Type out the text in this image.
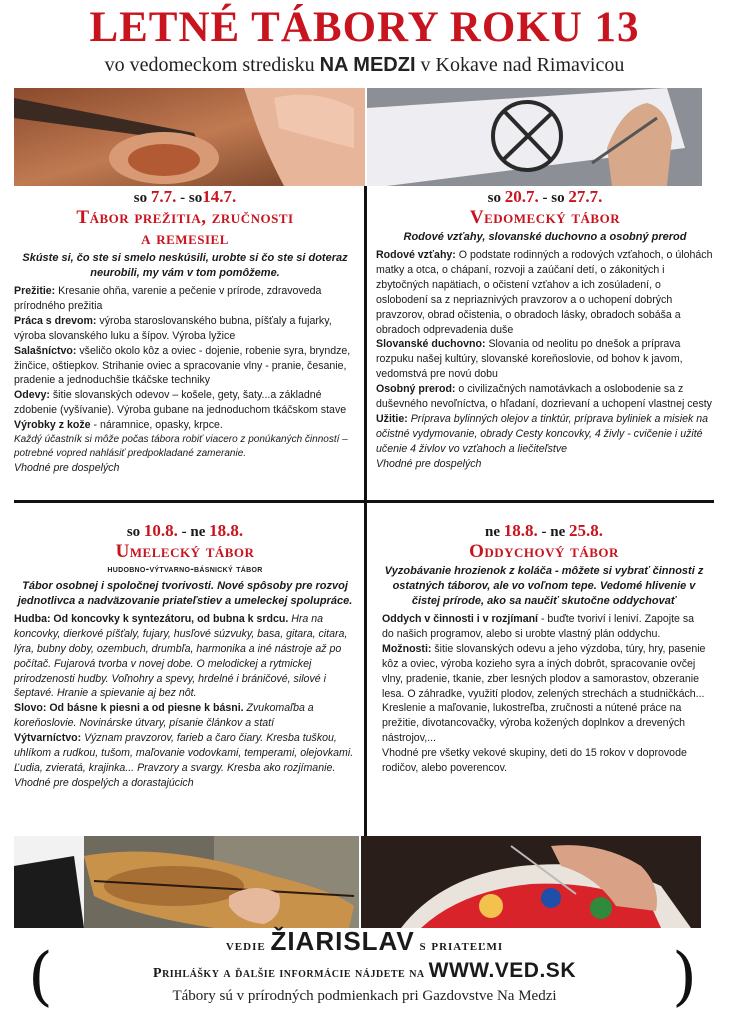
LETNÉ TÁBORY ROKU 13
vo vedomeckom stredisku NA MEDZI v Kokave nad Rimavicou
so 7.7. - so14.7.
Tábor prežitia, zručnosti
a remesiel
Skúste si, čo ste si smelo neskúsili, urobte si čo ste si doteraz neurobili, my vám v tom pomôžeme.

Prežitie: Kresanie ohňa, varenie a pečenie v prírode, zdravoveda prírodného prežitia

Práca s drevom: výroba staroslovanského bubna, píšťaly a fujarky, výroba slovanského luku a šípov. Výroba lyžice

Salašníctvo: všeličo okolo kôz a oviec - dojenie, robenie syra, bryndze, žinčice, oštiepkov. Strihanie oviec a spracovanie vlny - pranie, česanie, pradenie a jednoduchšie tkáčske techniky

Odevy: šitie slovanských odevov – košele, gety, šaty...a základné zdobenie (vyšívanie). Výroba gubane na jednoduchom tkáčskom stave

Výrobky z kože - náramnice, opasky, krpce.

Každý účastník si môže počas tábora robiť viacero z ponúkaných činností – potrebné vopred nahlásiť predpokladané zameranie.

Vhodné pre dospelých

so 20.7. - so 27.7.
Vedomecký tábor
Rodové vzťahy, slovanské duchovno a osobný prerod

Rodové vzťahy: O podstate rodinných a rodových vzťahoch, o úlohách matky a otca, o chápaní, rozvoji a zaúčaní detí, o zákonitých i zbytočných napätiach, o očistení vzťahov a ich zosúladení, o oslobodení sa z nepriaznivých pravzorov a o uchopení dobrých pravzorov, obrad očistenia, o obradoch lásky, obradoch sobáša a obradoch odprevadenia duše

Slovanské duchovno: Slovania od neolitu po dnešok a príprava rozpuku našej kultúry, slovanské koreňoslovie, od bohov k javom, vedomstvá pre novú dobu

Osobný prerod: o civilizačných namotávkach a oslobodenie sa z duševného nevoľníctva, o hľadaní, dozrievaní a uchopení vlastnej cesty

Užitie: Príprava bylinných olejov a tinktúr, príprava byliniek a misiek na očistné vydymovanie, obrady Cesty koncovky, 4 živly - cvičenie i užité učenie 4 živlov vo vzťahoch a liečiteľstve

Vhodné pre dospelých

so 10.8. - ne 18.8.
Umelecký tábor
hudobno-výtvarno-básnický tábor
Tábor osobnej i spoločnej tvorivosti. Nové spôsoby pre rozvoj jednotlivca a nadväzovanie priateľstiev a umeleckej spolupráce.

Hudba: Od koncovky k syntezátoru, od bubna k srdcu. Hra na koncovky, dierkové píšťaly, fujary, husľové súzvuky, basa, gitara, citara, lýra, bubny doby, ozembuch, drumbľa, harmonika a iné nástroje až po počítač. Fujarová tvorba v novej dobe. O melodickej a rytmickej prirodzenosti hudby. Voľnohry a spevy, hrdelné i bráničové, silové i šeptavé. Hranie a spievanie aj bez nôt.

Slovo: Od básne k piesni a od piesne k básni. Zvukomaľba a koreňoslovie. Novinárske útvary, písanie článkov a statí

Výtvarníctvo: Význam pravzorov, farieb a čaro čiary. Kresba tuškou, uhlíkom a rudkou, tušom, maľovanie vodovkami, temperami, olejovkami. Ľudia, zvieratá, krajinka... Pravzory a svargy. Kresba ako rozjímanie.

Vhodné pre dospelých a dorastajúcich

ne 18.8. - ne 25.8.
Oddychový tábor
Vyzobávanie hrozienok z koláča - môžete si vybrať činnosti z ostatných táborov, ale vo voľnom tepe. Vedomé hlivenie v čistej prírode, ako sa naučiť skutočne oddychovať

Oddych v činnosti i v rozjímaní - buďte tvoriví i leniví. Zapojte sa do našich programov, alebo si urobte vlastný plán oddychu.

Možnosti: šitie slovanských odevu a jeho výzdoba, túry, hry, pasenie kôz a oviec, výroba kozieho syra a iných dobrôt, spracovanie ovčej vlny, pradenie, tkanie, zber lesných plodov a samorastov, obzeranie lesa. O záhradke, využití plodov, zelených strechách a studničkách... Kreslenie a maľovanie, lukostreľba, zručnosti a nútené práce na prežitie, divotancovačky, výroba kožených doplnkov a drevených nástrojov,...

Vhodné pre všetky vekové skupiny, deti do 15 rokov v doprovode rodičov, alebo poverencov.

(	)
vedie ŽIARISLAV s priateľmi
Prihlášky a ďalšie informácie nájdete na WWW.VED.SK
Tábory sú v prírodných podmienkach pri Gazdovstve Na Medzi
